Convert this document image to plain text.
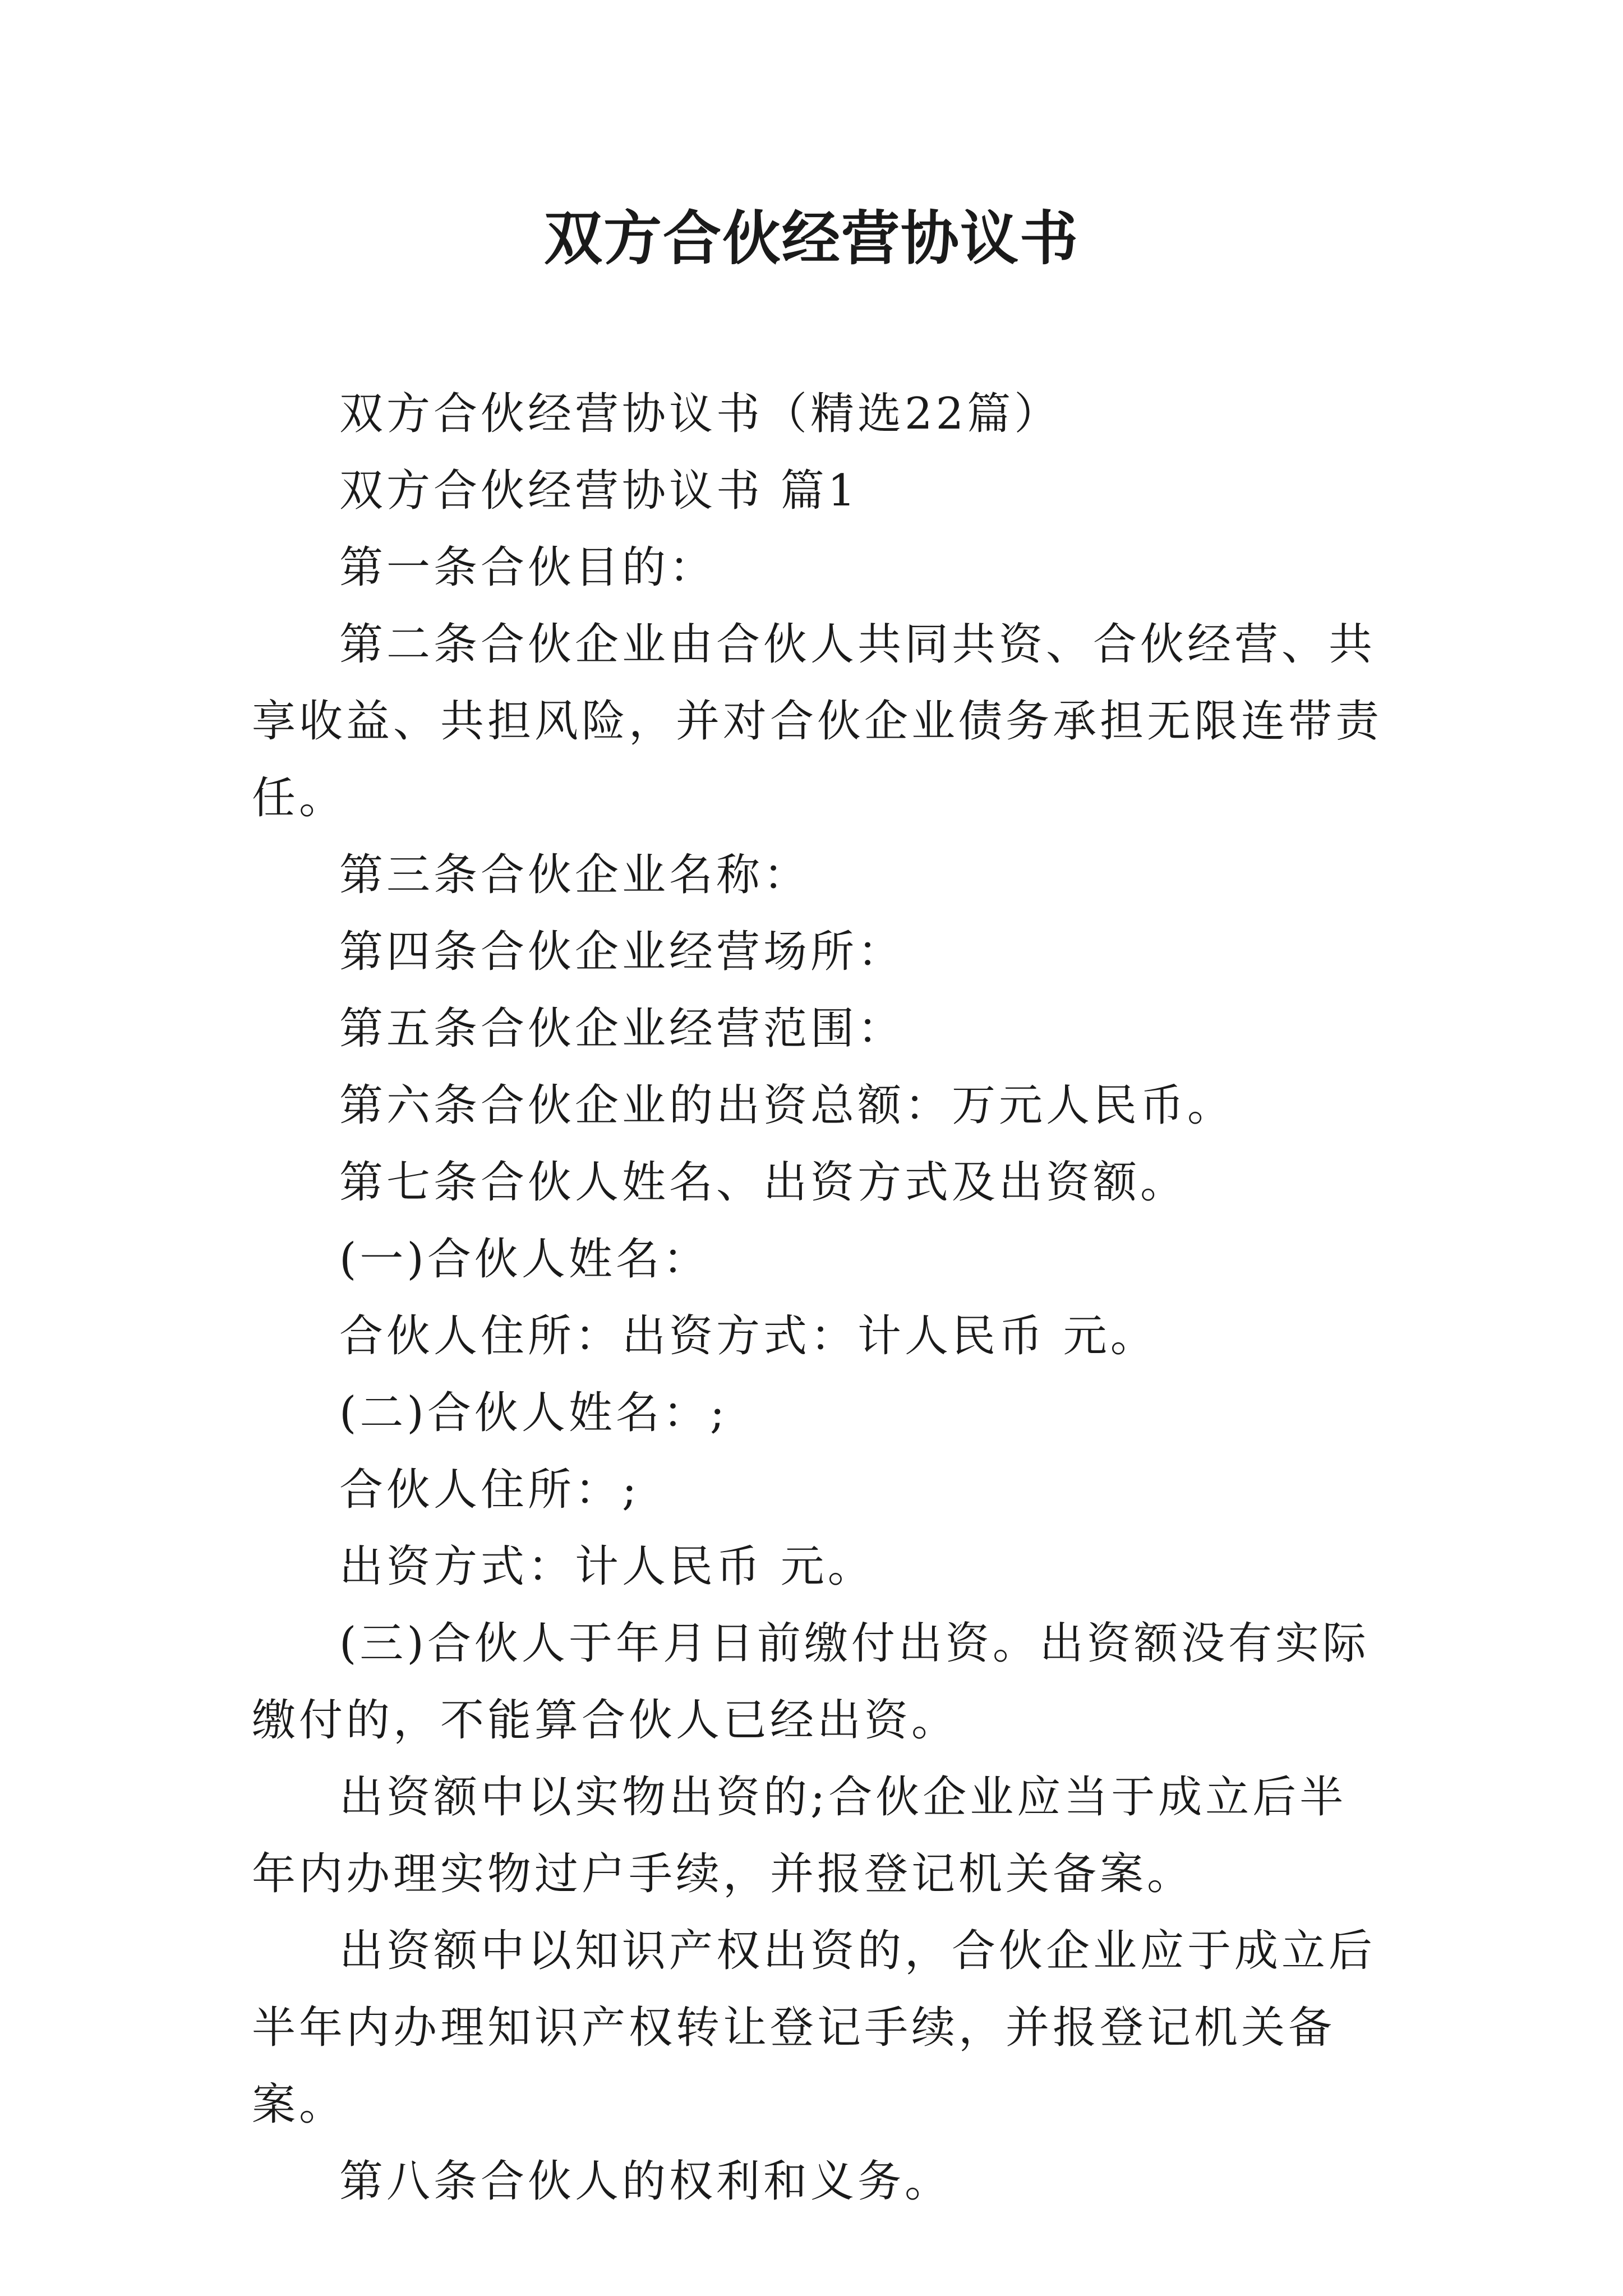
双方合伙经营协议书

双方合伙经营协议书（精选22篇）

双方合伙经营协议书 篇1

第一条合伙目的：

第二条合伙企业由合伙人共同共资、合伙经营、共享收益、共担风险，并对合伙企业债务承担无限连带责任。

第三条合伙企业名称：

第四条合伙企业经营场所：

第五条合伙企业经营范围：

第六条合伙企业的出资总额：万元人民币。

第七条合伙人姓名、出资方式及出资额。

(一)合伙人姓名：

合伙人住所：出资方式：计人民币 元。

(二)合伙人姓名：;

合伙人住所：;

出资方式：计人民币 元。

(三)合伙人于年月日前缴付出资。出资额没有实际缴付的，不能算合伙人已经出资。

出资额中以实物出资的;合伙企业应当于成立后半年内办理实物过户手续，并报登记机关备案。

出资额中以知识产权出资的，合伙企业应于成立后半年内办理知识产权转让登记手续，并报登记机关备案。

第八条合伙人的权利和义务。
